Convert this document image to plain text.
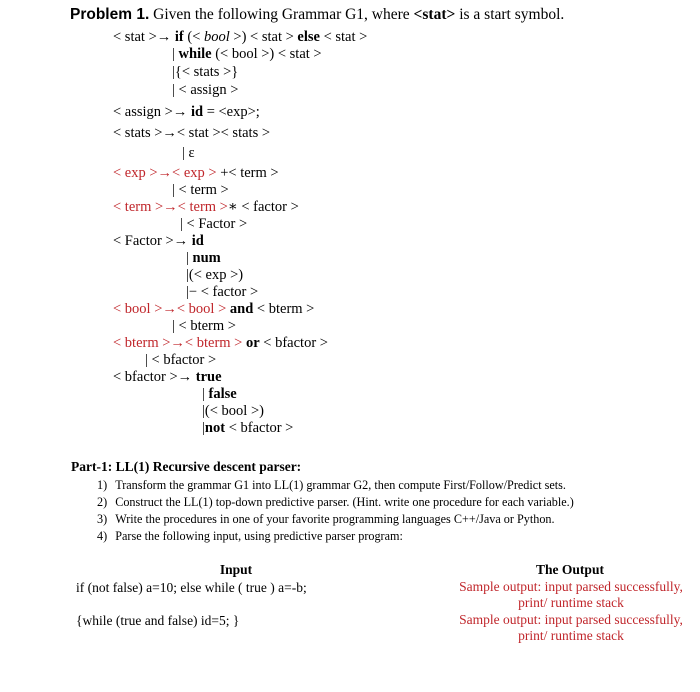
Problem 1. Given the following Grammar G1, where <stat> is a start symbol.
< stat >→ if (< bool >) < stat > else < stat >
| while (< bool >) < stat >
|{< stats >}
| < assign >
< assign >→ id = <exp>;
< stats >→< stat >< stats >
| ε
< exp >→< exp > +< term >
| < term >
< term >→< term >∗ < factor >
| < Factor >
< Factor >→ id
| num
|(< exp >)
|− < factor >
< bool >→< bool > and < bterm >
| < bterm >
< bterm >→< bterm > or < bfactor >
| < bfactor >
< bfactor >→ true
| false
|(< bool >)
|not < bfactor >
Part-1: LL(1) Recursive descent parser:
1) Transform the grammar G1 into LL(1) grammar G2, then compute First/Follow/Predict sets.
2) Construct the LL(1) top-down predictive parser. (Hint. write one procedure for each variable.)
3) Write the procedures in one of your favorite programming languages C++/Java or Python.
4) Parse the following input, using predictive parser program:
Input	The Output
if (not false) a=10; else while ( true ) a=-b;
{while (true and false) id=5; }
Sample output: input parsed successfully,
print/ runtime stack
Sample output: input parsed successfully,
print/ runtime stack
